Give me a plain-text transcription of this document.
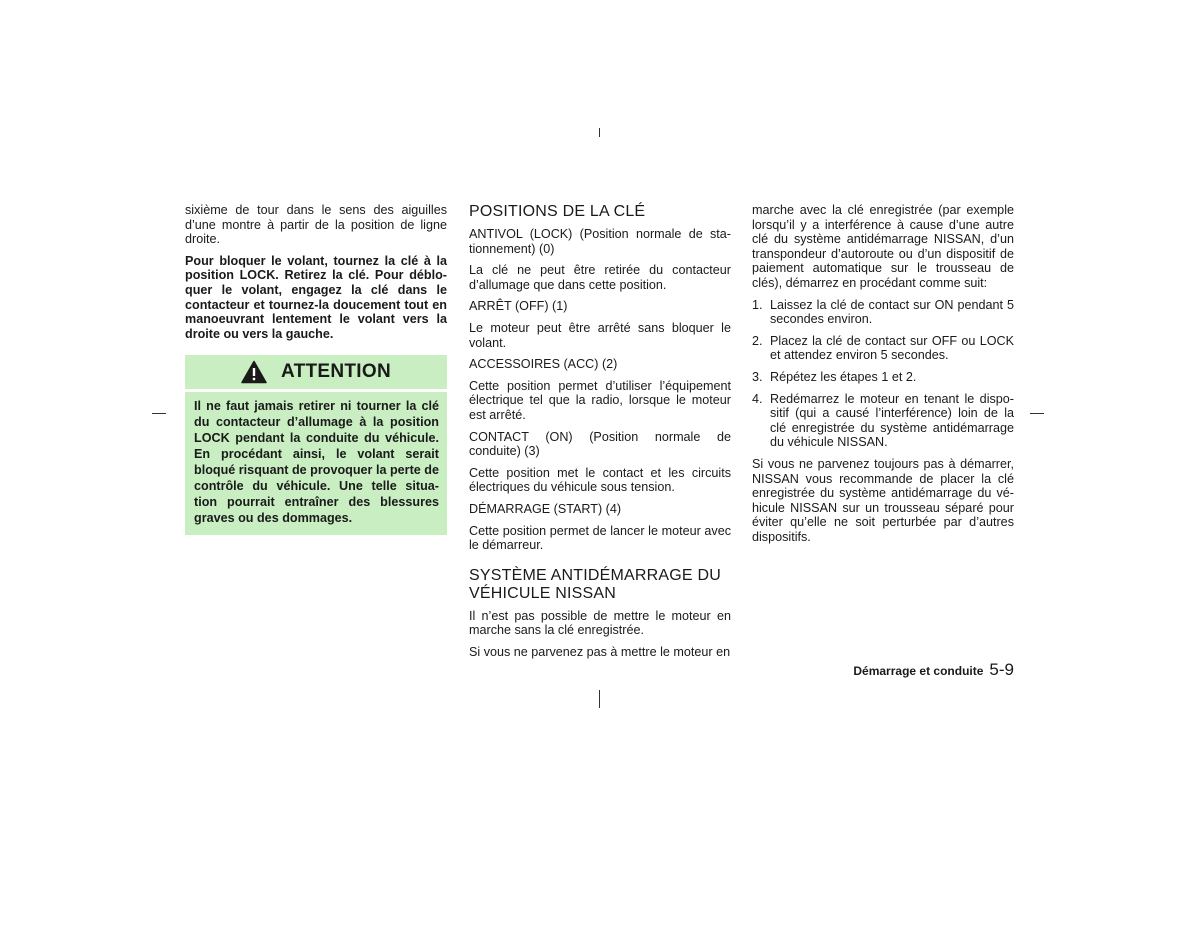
sixième de tour dans le sens des aiguilles d’une montre à partir de la position de ligne droite.

Pour bloquer le volant, tournez la clé à la position LOCK. Retirez la clé. Pour déblo- quer le volant, engagez la clé dans le contacteur et tournez-la doucement tout en manoeuvrant lentement le volant vers la droite ou vers la gauche.

ATTENTION
Il ne faut jamais retirer ni tourner la clé du contacteur d’allumage à la position LOCK pendant la conduite du véhicule. En procédant ainsi, le volant serait bloqué risquant de provoquer la perte de contrôle du véhicule. Une telle situa- tion pourrait entraîner des blessures graves ou des dommages.
POSITIONS DE LA CLÉ

ANTIVOL (LOCK) (Position normale de sta- tionnement) (0)

La clé ne peut être retirée du contacteur d’allumage que dans cette position.

ARRÊT (OFF) (1)

Le moteur peut être arrêté sans bloquer le volant.

ACCESSOIRES (ACC) (2)

Cette position permet d’utiliser l’équipement électrique tel que la radio, lorsque le moteur est arrêté.

CONTACT (ON) (Position normale de conduite) (3)

Cette position met le contact et les circuits électriques du véhicule sous tension.

DÉMARRAGE (START) (4)

Cette position permet de lancer le moteur avec le démarreur.

SYSTÈME ANTIDÉMARRAGE DU VÉHICULE NISSAN

Il n’est pas possible de mettre le moteur en marche sans la clé enregistrée.

Si vous ne parvenez pas à mettre le moteur en

marche avec la clé enregistrée (par exemple lorsqu’il y a interférence à cause d’une autre clé du système antidémarrage NISSAN, d’un transpondeur d’autoroute ou d’un dispositif de paiement automatique sur le trousseau de clés), démarrez en procédant comme suit:

1. Laissez la clé de contact sur ON pendant 5 secondes environ.
2. Placez la clé de contact sur OFF ou LOCK et attendez environ 5 secondes.
3. Répétez les étapes 1 et 2.
4. Redémarrez le moteur en tenant le dispo- sitif (qui a causé l’interférence) loin de la clé enregistrée du système antidémarrage du véhicule NISSAN.

Si vous ne parvenez toujours pas à démarrer, NISSAN vous recommande de placer la clé enregistrée du système antidémarrage du vé- hicule NISSAN sur un trousseau séparé pour éviter qu’elle ne soit perturbée par d’autres dispositifs.

Démarrage et conduite 5-9
